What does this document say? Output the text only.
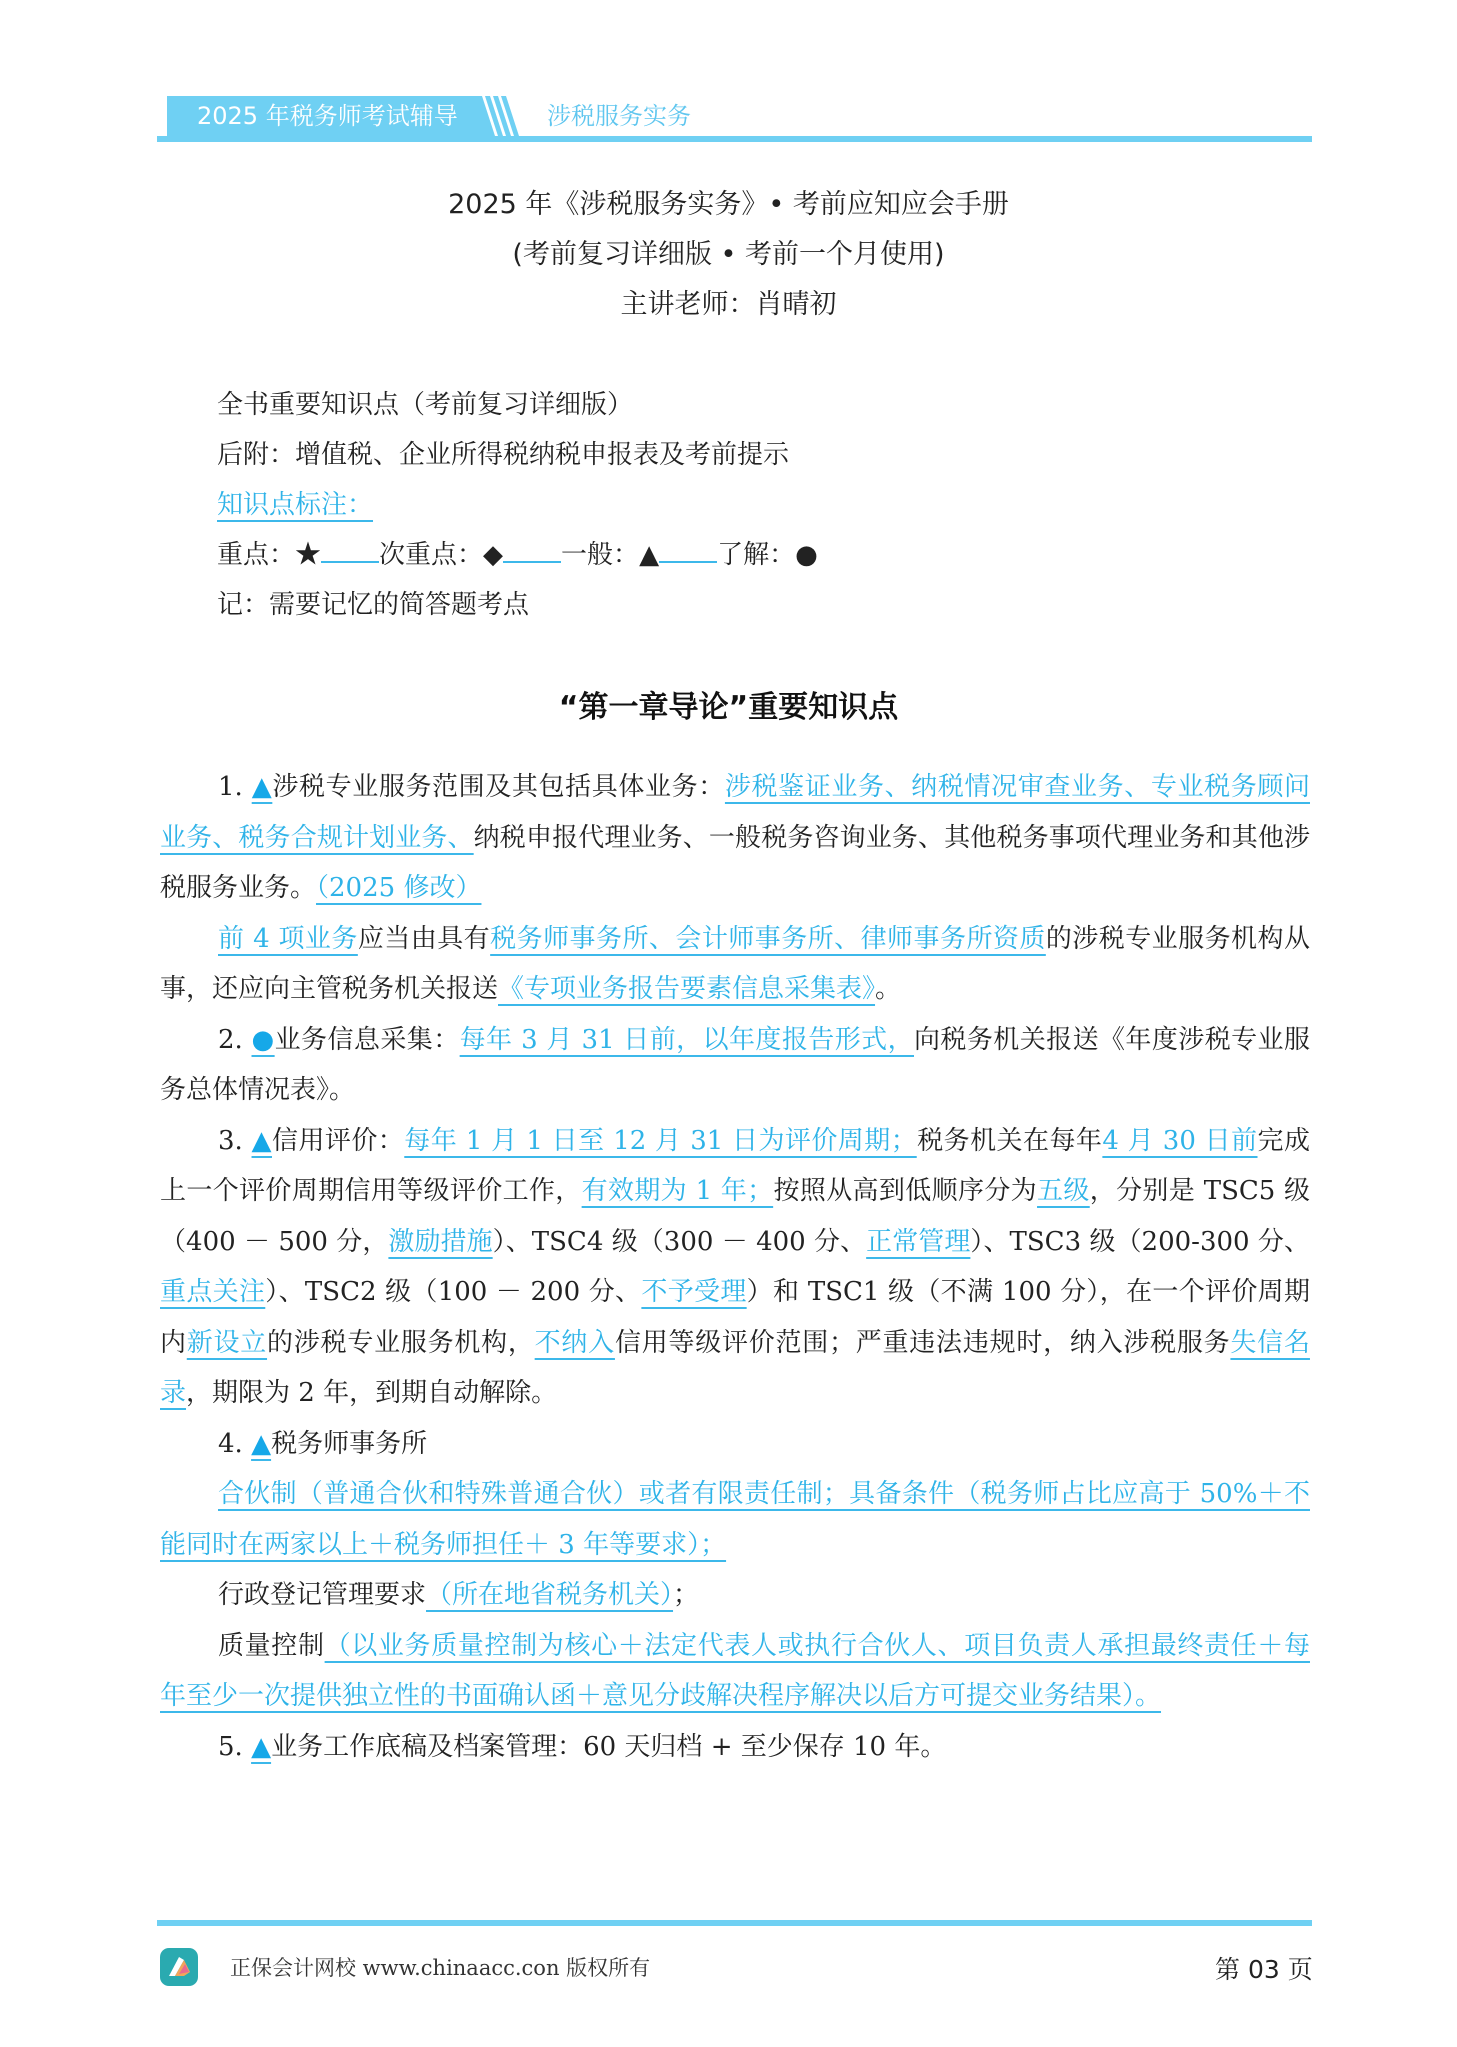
2025 年税务师考试辅导	涉税服务实务
2025 年《涉税服务实务》• 考前应知应会手册
(考前复习详细版 • 考前一个月使用)
主讲老师：肖晴初
全书重要知识点（考前复习详细版）
后附：增值税、企业所得税纳税申报表及考前提示
知识点标注：
重点：★ 次重点：◆ 一般：▲ 了解：●
记：需要记忆的简答题考点
“第一章导论”重要知识点
1. ▲涉税专业服务范围及其包括具体业务：涉税鉴证业务、纳税情况审查业务、专业税务顾问业务、税务合规计划业务、纳税申报代理业务、一般税务咨询业务、其他税务事项代理业务和其他涉税服务业务。（2025 修改）
前 4 项业务应当由具有税务师事务所、会计师事务所、律师事务所资质的涉税专业服务机构从事，还应向主管税务机关报送《专项业务报告要素信息采集表》。
2. ●业务信息采集：每年 3 月 31 日前，以年度报告形式，向税务机关报送《年度涉税专业服务总体情况表》。
3. ▲信用评价：每年 1 月 1 日至 12 月 31 日为评价周期；税务机关在每年4 月 30 日前完成上一个评价周期信用等级评价工作，有效期为 1 年；按照从高到低顺序分为五级，分别是 TSC5 级（400 － 500 分，激励措施）、TSC4 级（300 － 400 分、正常管理）、TSC3 级（200-300 分、重点关注）、TSC2 级（100 － 200 分、不予受理）和 TSC1 级（不满 100 分），在一个评价周期内新设立的涉税专业服务机构，不纳入信用等级评价范围；严重违法违规时，纳入涉税服务失信名录，期限为 2 年，到期自动解除。
4. ▲税务师事务所
合伙制（普通合伙和特殊普通合伙）或者有限责任制；具备条件（税务师占比应高于 50%＋不能同时在两家以上＋税务师担任＋ 3 年等要求）；
行政登记管理要求（所在地省税务机关）；
质量控制（以业务质量控制为核心＋法定代表人或执行合伙人、项目负责人承担最终责任＋每年至少一次提供独立性的书面确认函＋意见分歧解决程序解决以后方可提交业务结果）。
5. ▲业务工作底稿及档案管理：60 天归档 + 至少保存 10 年。
正保会计网校 www.chinaacc.con 版权所有	第 03 页
